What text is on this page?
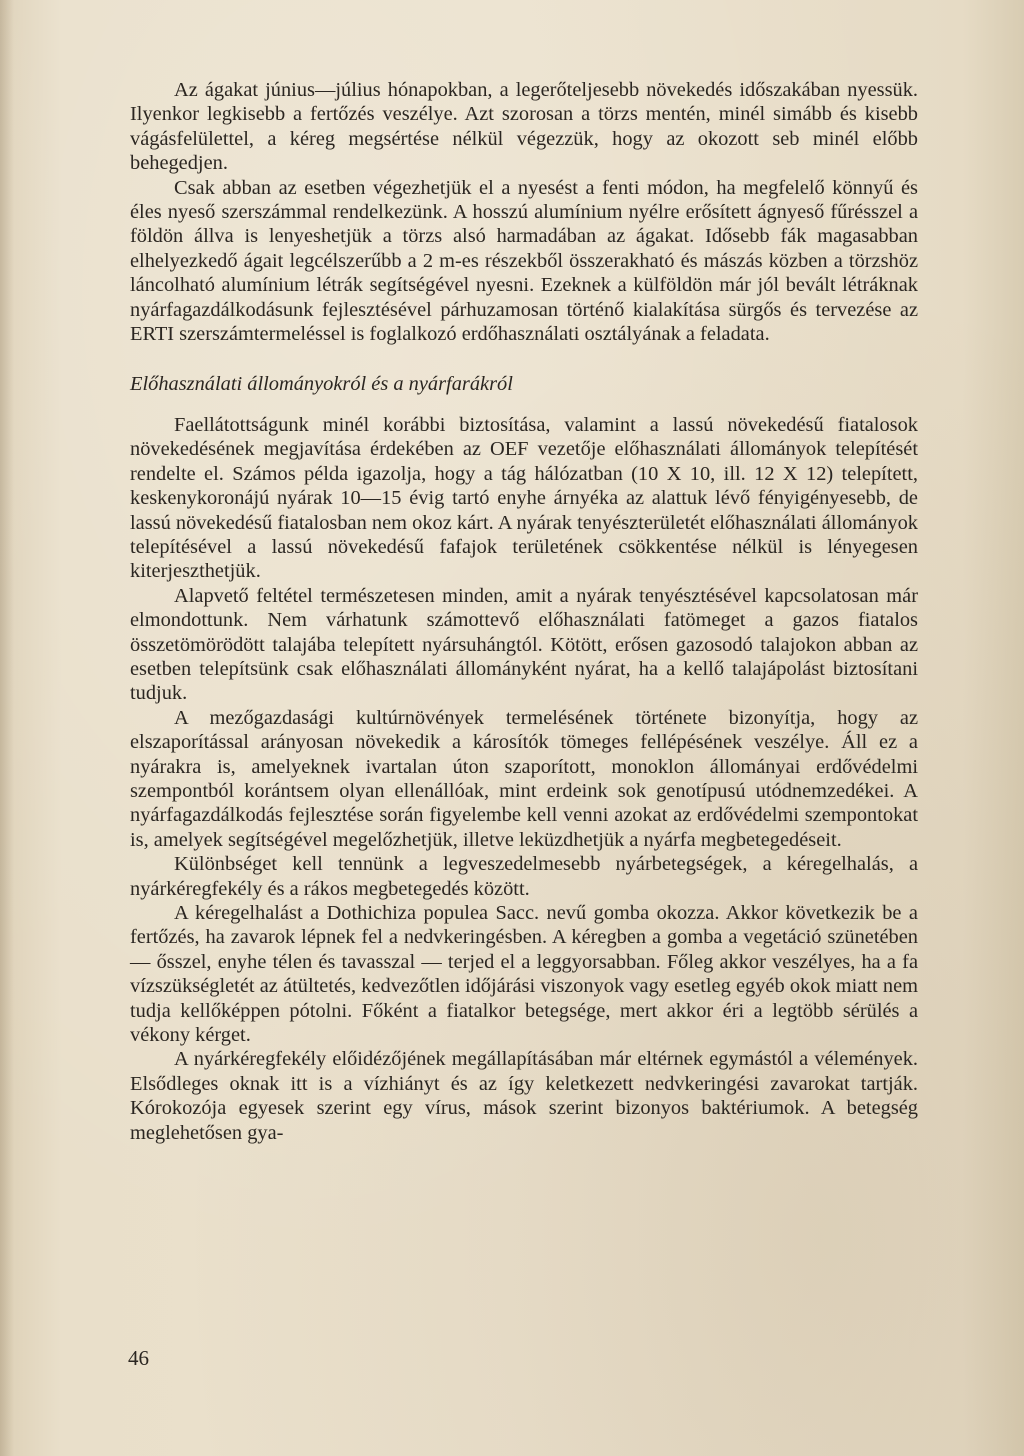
Az ágakat június—július hónapokban, a legerőteljesebb növekedés időszakában nyessük. Ilyenkor legkisebb a fertőzés veszélye. Azt szorosan a törzs mentén, minél simább és kisebb vágásfelülettel, a kéreg megsértése nélkül végezzük, hogy az okozott seb minél előbb behegedjen.

Csak abban az esetben végezhetjük el a nyesést a fenti módon, ha megfelelő könnyű és éles nyeső szerszámmal rendelkezünk. A hosszú alumínium nyélre erősített ágnyeső fűrésszel a földön állva is lenyeshetjük a törzs alsó harmadában az ágakat. Idősebb fák magasabban elhelyezkedő ágait legcélszerűbb a 2 m-es részekből összerakható és mászás közben a törzshöz láncolható alumínium létrák segítségével nyesni. Ezeknek a külföldön már jól bevált létráknak nyárfagazdálkodásunk fejlesztésével párhuzamosan történő kialakítása sürgős és tervezése az ERTI szerszámtermeléssel is foglalkozó erdőhasználati osztályának a feladata.

Előhasználati állományokról és a nyárfarákról

Faellátottságunk minél korábbi biztosítása, valamint a lassú növekedésű fiatalosok növekedésének megjavítása érdekében az OEF vezetője előhasználati állományok telepítését rendelte el. Számos példa igazolja, hogy a tág hálózatban (10 X 10, ill. 12 X 12) telepített, keskenykoronájú nyárak 10—15 évig tartó enyhe árnyéka az alattuk lévő fényigényesebb, de lassú növekedésű fiatalosban nem okoz kárt. A nyárak tenyészterületét előhasználati állományok telepítésével a lassú növekedésű fafajok területének csökkentése nélkül is lényegesen kiterjeszthetjük.

Alapvető feltétel természetesen minden, amit a nyárak tenyésztésével kapcsolatosan már elmondottunk. Nem várhatunk számottevő előhasználati fatömeget a gazos fiatalos összetömörödött talajába telepített nyársuhángtól. Kötött, erősen gazosodó talajokon abban az esetben telepítsünk csak előhasználati állományként nyárat, ha a kellő talajápolást biztosítani tudjuk.

A mezőgazdasági kultúrnövények termelésének története bizonyítja, hogy az elszaporítással arányosan növekedik a károsítók tömeges fellépésének veszélye. Áll ez a nyárakra is, amelyeknek ivartalan úton szaporított, monoklon állományai erdővédelmi szempontból korántsem olyan ellenállóak, mint erdeink sok genotípusú utódnemzedékei. A nyárfagazdálkodás fejlesztése során figyelembe kell venni azokat az erdővédelmi szempontokat is, amelyek segítségével megelőzhetjük, illetve leküzdhetjük a nyárfa megbetegedéseit.

Különbséget kell tennünk a legveszedelmesebb nyárbetegségek, a kéregelhalás, a nyárkéregfekély és a rákos megbetegedés között.

A kéregelhalást a Dothichiza populea Sacc. nevű gomba okozza. Akkor következik be a fertőzés, ha zavarok lépnek fel a nedvkeringésben. A kéregben a gomba a vegetáció szünetében — ősszel, enyhe télen és tavasszal — terjed el a leggyorsabban. Főleg akkor veszélyes, ha a fa vízszükségletét az átültetés, kedvezőtlen időjárási viszonyok vagy esetleg egyéb okok miatt nem tudja kellőképpen pótolni. Főként a fiatalkor betegsége, mert akkor éri a legtöbb sérülés a vékony kérget.

A nyárkéregfekély előidézőjének megállapításában már eltérnek egymástól a vélemények. Elsődleges oknak itt is a vízhiányt és az így keletkezett nedvkeringési zavarokat tartják. Kórokozója egyesek szerint egy vírus, mások szerint bizonyos baktériumok. A betegség meglehetősen gya-

46
